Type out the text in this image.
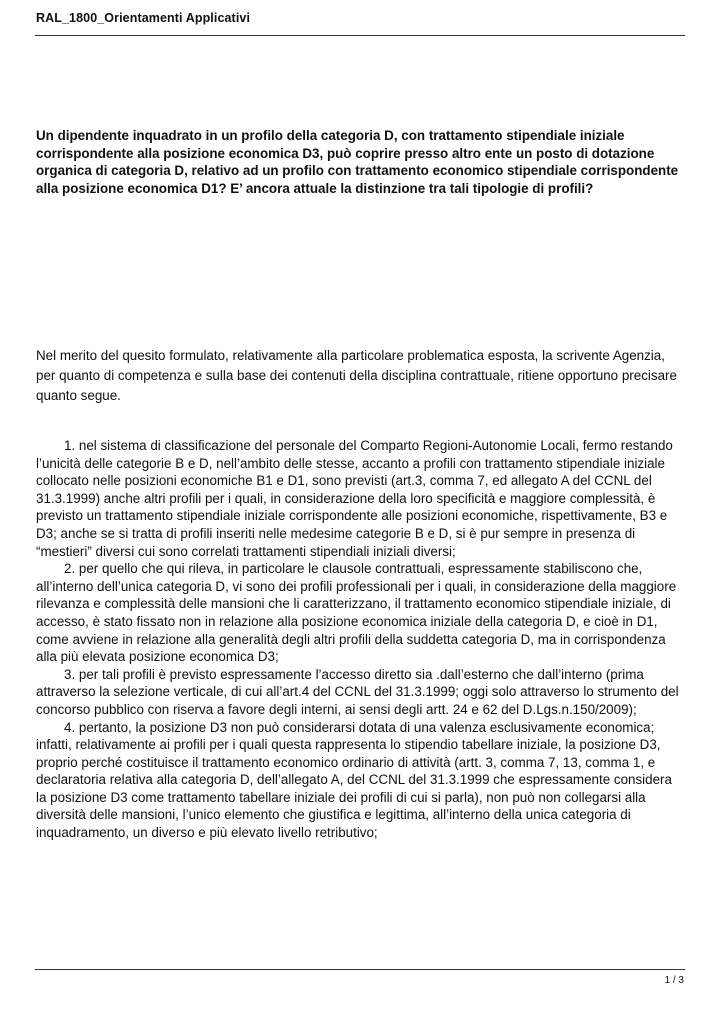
RAL_1800_Orientamenti Applicativi

Un dipendente inquadrato in un profilo della categoria D, con trattamento stipendiale iniziale corrispondente alla posizione economica D3, può coprire presso altro ente un posto di dotazione organica di categoria D, relativo ad un profilo con trattamento economico stipendiale corrispondente alla posizione economica D1? E’ ancora attuale la distinzione tra tali tipologie di profili?

Nel merito del quesito formulato, relativamente alla particolare problematica esposta, la scrivente Agenzia, per quanto di competenza e sulla base dei contenuti della disciplina contrattuale, ritiene opportuno precisare quanto segue.

1. nel sistema di classificazione del personale del Comparto Regioni-Autonomie Locali, fermo restando l’unicità delle categorie B e D, nell’ambito delle stesse, accanto a profili con trattamento stipendiale iniziale collocato nelle posizioni economiche B1 e D1, sono previsti (art.3, comma 7, ed allegato A del CCNL del 31.3.1999) anche altri profili per i quali, in considerazione della loro specificità e maggiore complessità, è previsto un trattamento stipendiale iniziale corrispondente alle posizioni economiche, rispettivamente, B3 e D3; anche se si tratta di profili inseriti nelle medesime categorie B e D, si è pur sempre in presenza di “mestieri” diversi cui sono correlati trattamenti stipendiali iniziali diversi;
2. per quello che qui rileva, in particolare le clausole contrattuali, espressamente stabiliscono che, all’interno dell’unica categoria D, vi sono dei profili professionali per i quali, in considerazione della maggiore rilevanza e complessità delle mansioni che li caratterizzano, il trattamento economico stipendiale iniziale, di accesso, è stato fissato non in relazione alla posizione economica iniziale della categoria D, e cioè in D1, come avviene in relazione alla generalità degli altri profili della suddetta categoria D, ma in corrispondenza alla più elevata posizione economica D3;
3. per tali profili è previsto espressamente l’accesso diretto sia .dall’esterno che dall’interno (prima attraverso la selezione verticale, di cui all’art.4 del CCNL del 31.3.1999; oggi solo attraverso lo strumento del concorso pubblico con riserva a favore degli interni, ai sensi degli artt. 24 e 62 del D.Lgs.n.150/2009);
4. pertanto, la posizione D3 non può considerarsi dotata di una valenza esclusivamente economica; infatti, relativamente ai profili per i quali questa rappresenta lo stipendio tabellare iniziale, la posizione D3, proprio perché costituisce il trattamento economico ordinario di attività (artt. 3, comma 7, 13, comma 1, e declaratoria relativa alla categoria D, dell’allegato A, del CCNL del 31.3.1999 che espressamente considera la posizione D3 come trattamento tabellare iniziale dei profili di cui si parla), non può non collegarsi alla diversità delle mansioni, l’unico elemento che giustifica e legittima, all’interno della unica categoria di inquadramento, un diverso e più elevato livello retributivo;
1 / 3
